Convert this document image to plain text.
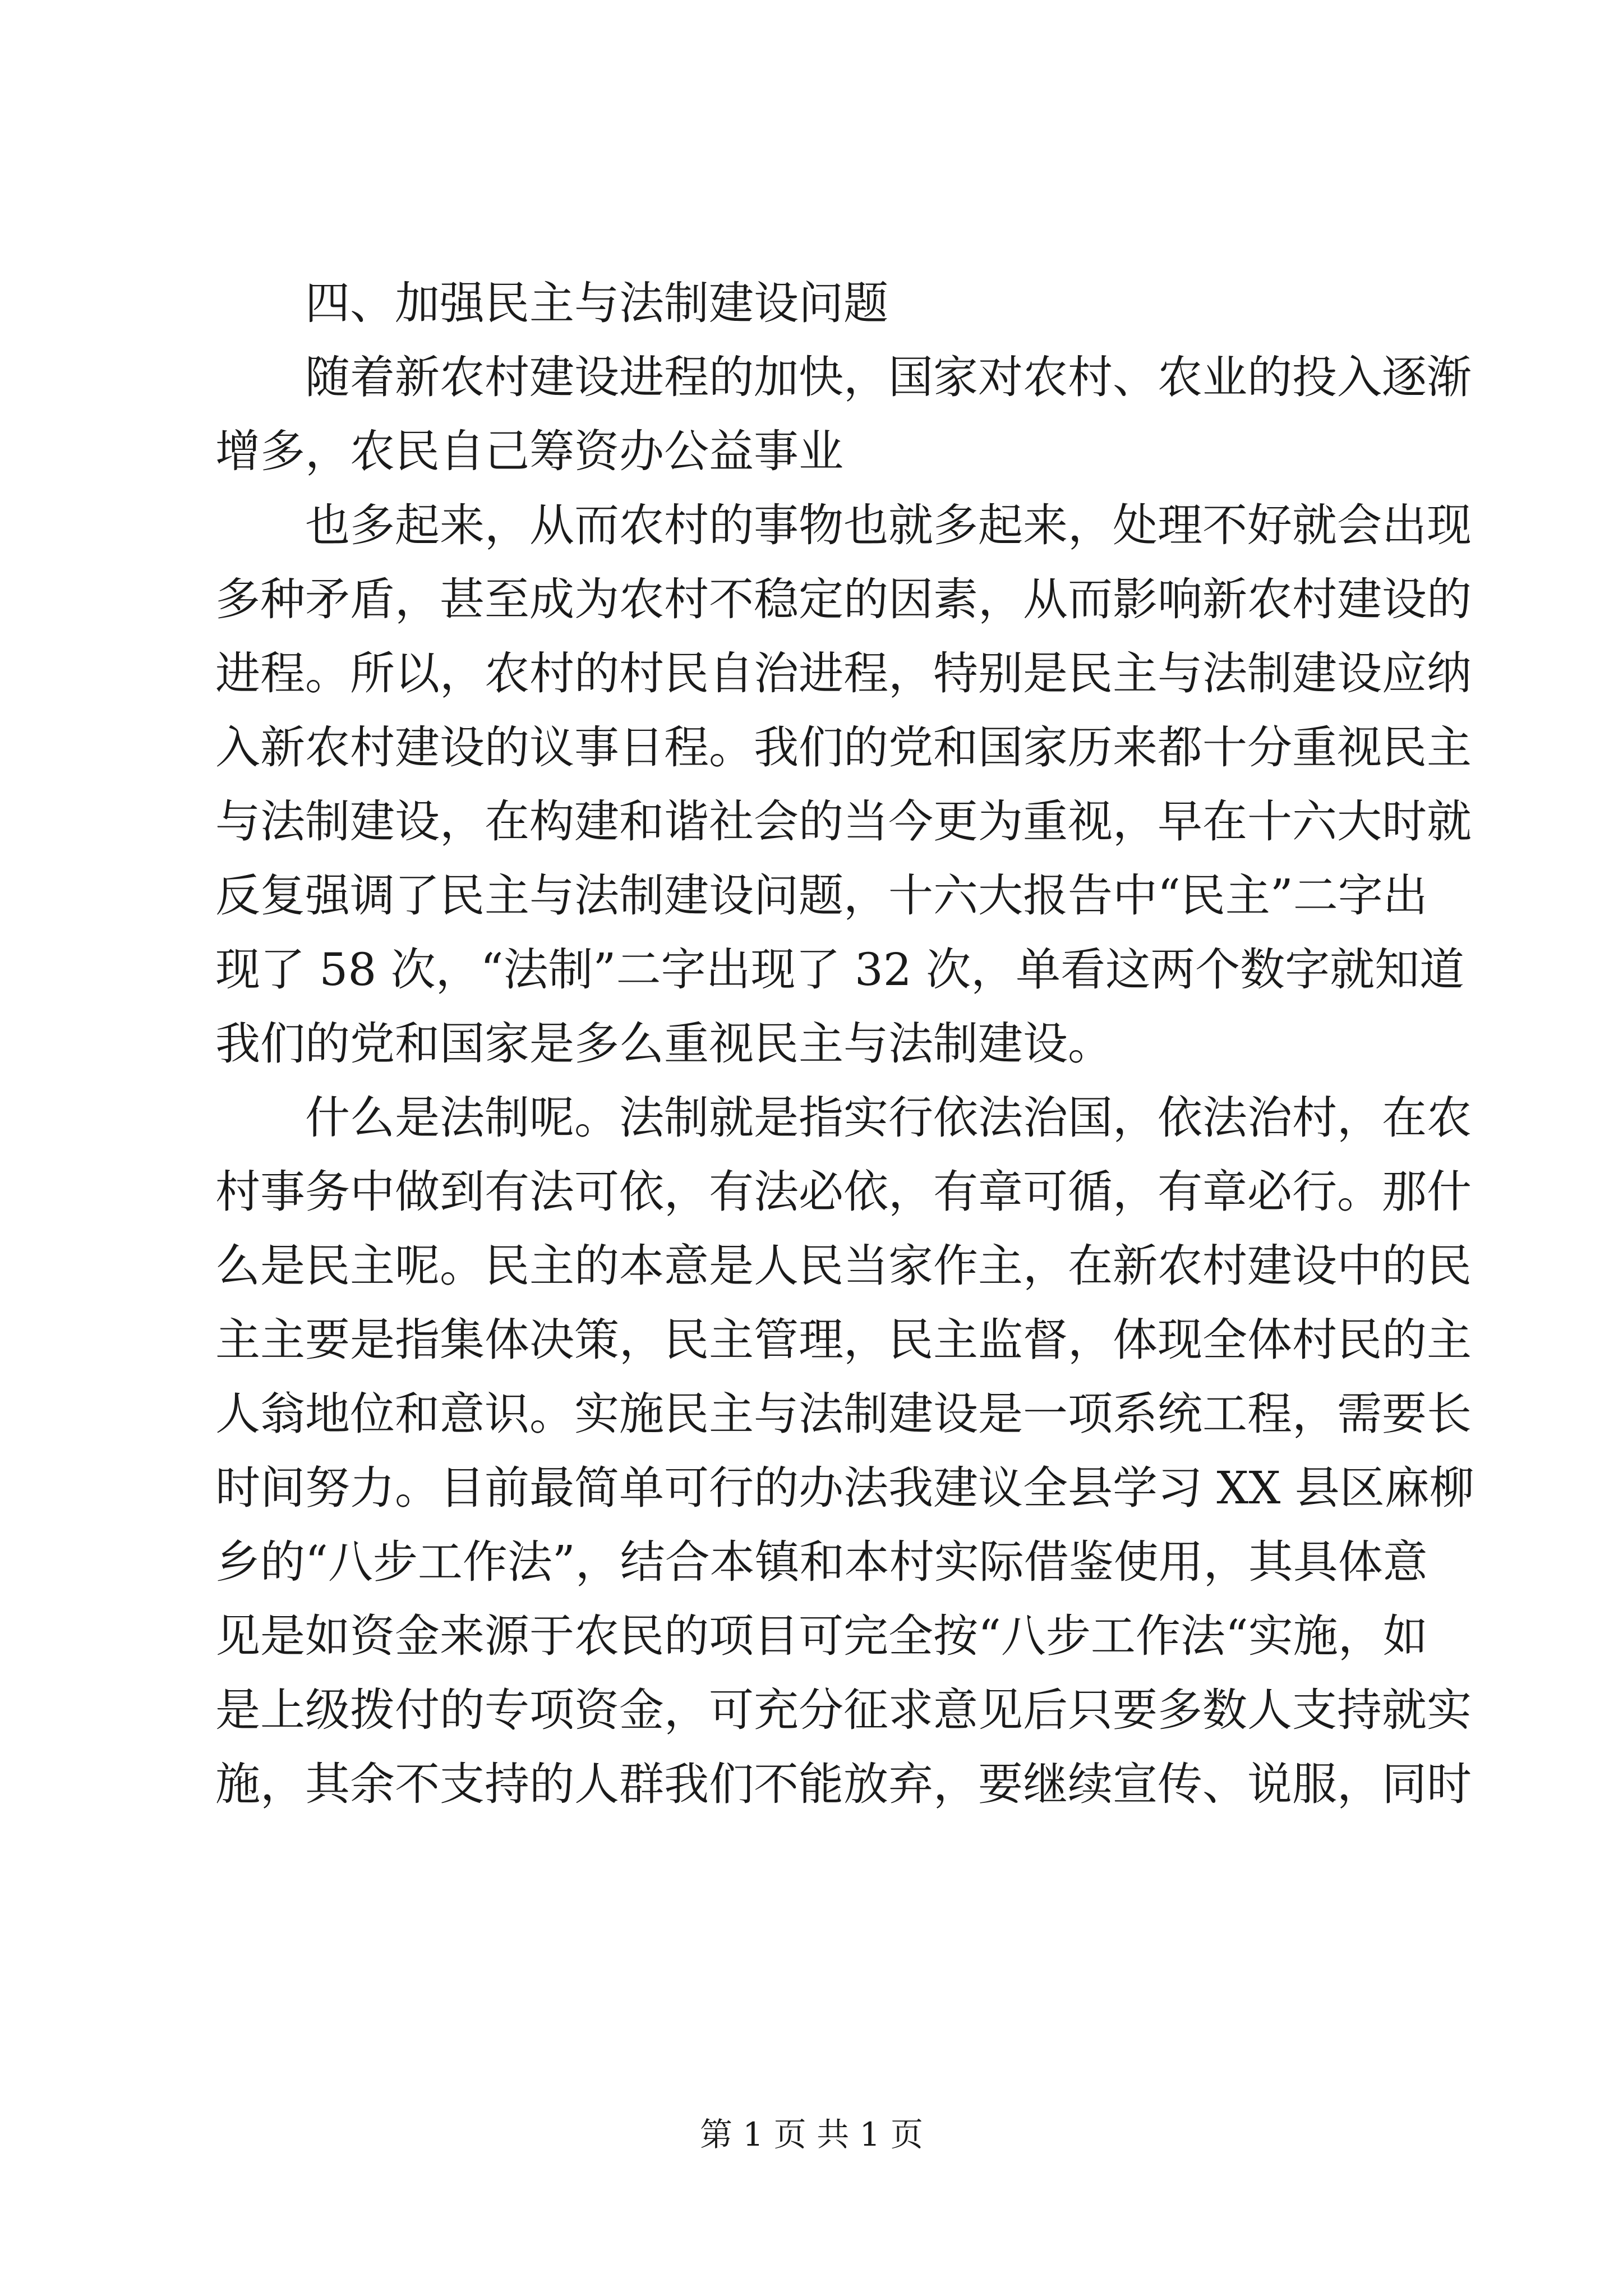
四、加强民主与法制建设问题
随着新农村建设进程的加快，国家对农村、农业的投入逐渐
增多，农民自己筹资办公益事业
也多起来，从而农村的事物也就多起来，处理不好就会出现
多种矛盾，甚至成为农村不稳定的因素，从而影响新农村建设的
进程。所以，农村的村民自治进程，特别是民主与法制建设应纳
入新农村建设的议事日程。我们的党和国家历来都十分重视民主
与法制建设，在构建和谐社会的当今更为重视，早在十六大时就
反复强调了民主与法制建设问题，十六大报告中“民主”二字出
现了 58 次，“法制”二字出现了 32 次，单看这两个数字就知道
我们的党和国家是多么重视民主与法制建设。
什么是法制呢。法制就是指实行依法治国，依法治村，在农
村事务中做到有法可依，有法必依，有章可循，有章必行。那什
么是民主呢。民主的本意是人民当家作主，在新农村建设中的民
主主要是指集体决策，民主管理，民主监督，体现全体村民的主
人翁地位和意识。实施民主与法制建设是一项系统工程，需要长
时间努力。目前最简单可行的办法我建议全县学习 XX 县区麻柳
乡的“八步工作法”，结合本镇和本村实际借鉴使用，其具体意
见是如资金来源于农民的项目可完全按“八步工作法“实施，如
是上级拨付的专项资金，可充分征求意见后只要多数人支持就实
施，其余不支持的人群我们不能放弃，要继续宣传、说服，同时
第 1 页 共 1 页
